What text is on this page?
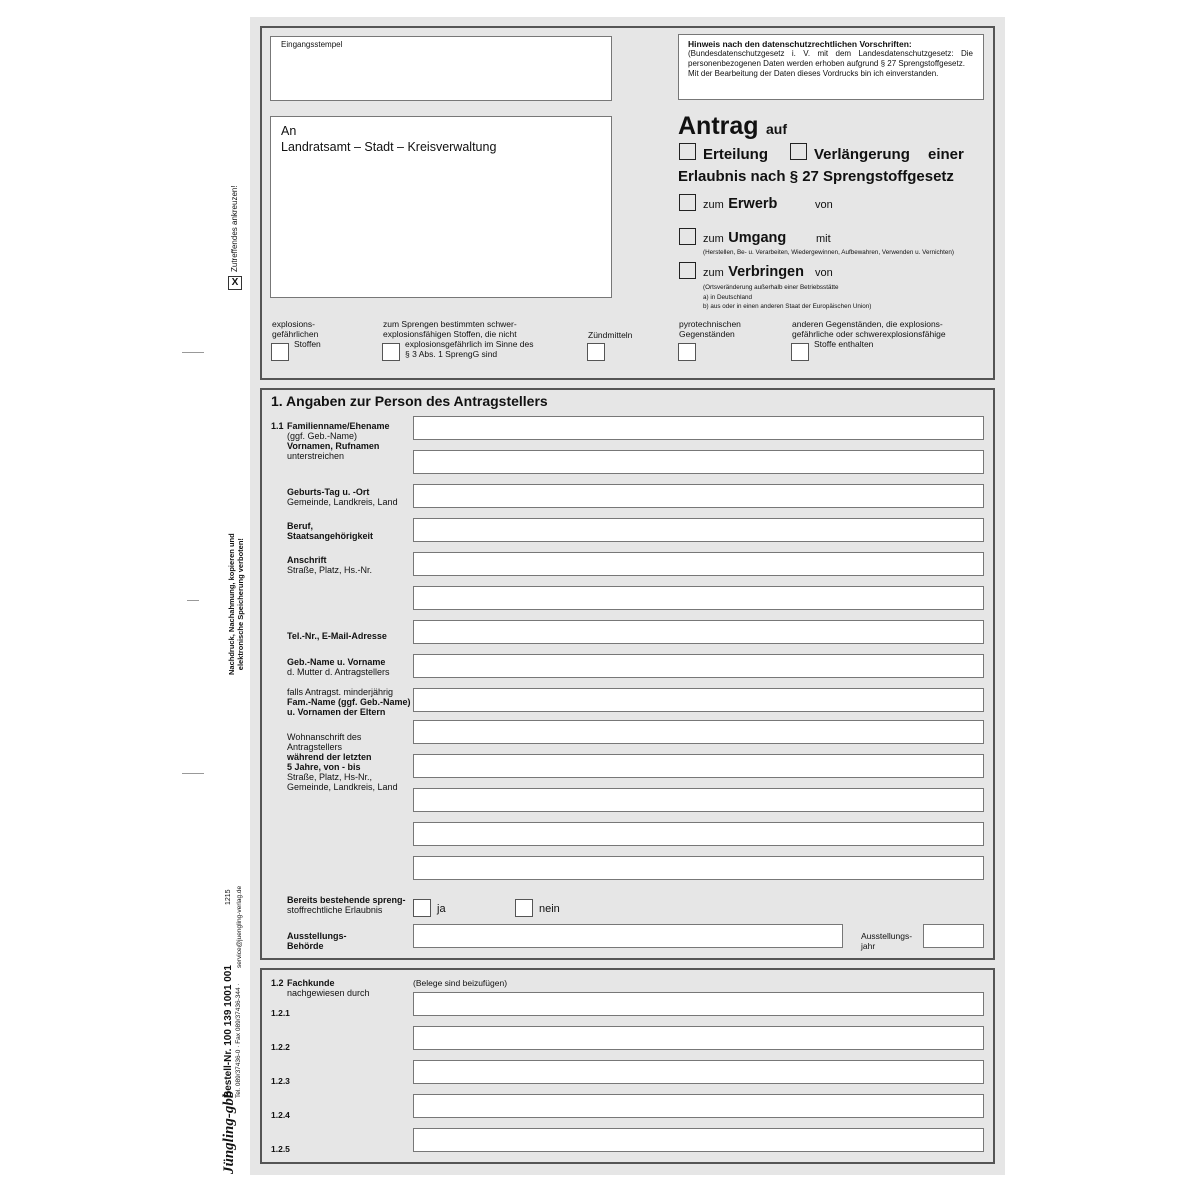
X
Zutreffendes ankreuzen!
Nachdruck, Nachahmung, kopieren und elektronische Speicherung verboten!
1215 service@juengling-verlag.de
Bestell-Nr. 100 139 1001 001 Tel. 089/37436-0 · Fax 089/37436-344 ·
Jüngling-gbb
Eingangsstempel	Hinweis nach den datenschutzrechtlichen Vorschriften:
(Bundesdatenschutzgesetz i. V. mit dem Landesdatenschutzgesetz: Die personenbezogenen Daten werden erhoben aufgrund § 27 Sprengstoffgesetz.
Mit der Bearbeitung der Daten dieses Vordrucks bin ich einverstanden.
An
Landratsamt – Stadt – Kreisverwaltung
Antrag auf
Erteilung	Verlängerung einer
Erlaubnis nach § 27 Sprengstoffgesetz
zum Erwerb	von
zum Umgang	mit
(Herstellen, Be- u. Verarbeiten, Wiedergewinnen, Aufbewahren, Verwenden u. Vernichten)
zum Verbringen von
(Ortsveränderung außerhalb einer Betriebsstätte
a) in Deutschland
b) aus oder in einen anderen Staat der Europäischen Union)
explosions-
gefährlichen
Stoffen
zum Sprengen bestimmten schwer-
explosionsfähigen Stoffen, die nicht
explosionsgefährlich im Sinne des
§ 3 Abs. 1 SprengG sind
Zündmitteln
pyrotechnischen
Gegenständen
anderen Gegenständen, die explosions-
gefährliche oder schwerexplosionsfähige
Stoffe enthalten
1. Angaben zur Person des Antragstellers
1.1 Familienname/Ehename
(ggf. Geb.-Name)
Vornamen, Rufnamen
unterstreichen
Geburts-Tag u. -Ort
Gemeinde, Landkreis, Land
Beruf,
Staatsangehörigkeit
Anschrift
Straße, Platz, Hs.-Nr.
Tel.-Nr., E-Mail-Adresse
Geb.-Name u. Vorname
d. Mutter d. Antragstellers
falls Antragst. minderjährig
Fam.-Name (ggf. Geb.-Name)
u. Vornamen der Eltern
Wohnanschrift des
Antragstellers
während der letzten
5 Jahre, von - bis
Straße, Platz, Hs-Nr.,
Gemeinde, Landkreis, Land
Bereits bestehende spreng-
stoffrechtliche Erlaubnis	ja	nein
Ausstellungs-
Behörde
Ausstellungs-
jahr
1.2 Fachkunde
nachgewiesen durch
(Belege sind beizufügen)
1.2.1
1.2.2
1.2.3
1.2.4
1.2.5
